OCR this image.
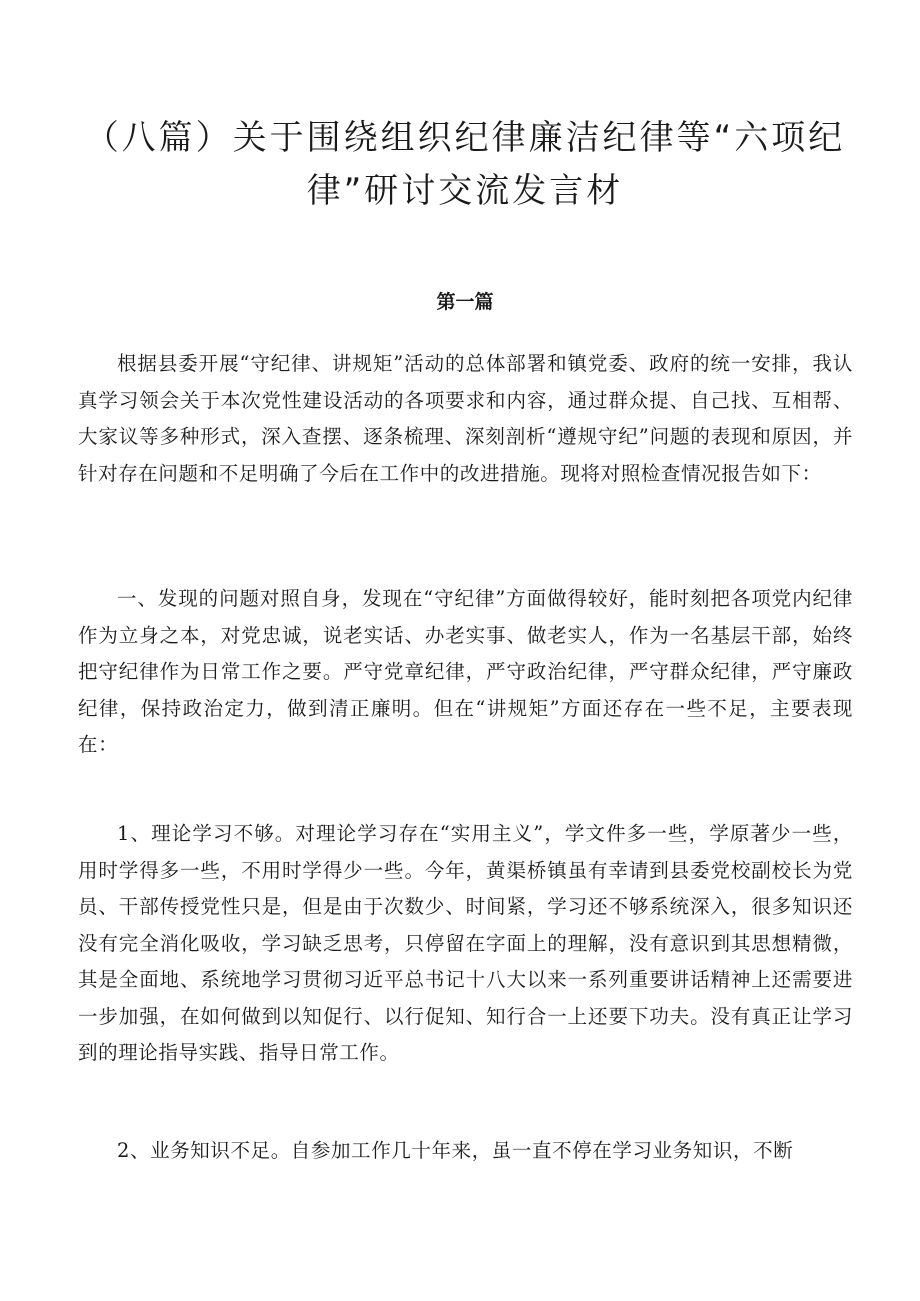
（八篇）关于围绕组织纪律廉洁纪律等“六项纪律”研讨交流发言材
第一篇

根据县委开展“守纪律、讲规矩”活动的总体部署和镇党委、政府的统一安排，我认真学习领会关于本次党性建设活动的各项要求和内容，通过群众提、自己找、互相帮、大家议等多种形式，深入查摆、逐条梳理、深刻剖析“遵规守纪”问题的表现和原因，并针对存在问题和不足明确了今后在工作中的改进措施。现将对照检查情况报告如下：

一、发现的问题对照自身，发现在“守纪律”方面做得较好，能时刻把各项党内纪律作为立身之本，对党忠诚，说老实话、办老实事、做老实人，作为一名基层干部，始终把守纪律作为日常工作之要。严守党章纪律，严守政治纪律，严守群众纪律，严守廉政纪律，保持政治定力，做到清正廉明。但在“讲规矩”方面还存在一些不足，主要表现在：

1、理论学习不够。对理论学习存在“实用主义”，学文件多一些，学原著少一些，用时学得多一些，不用时学得少一些。今年，黄渠桥镇虽有幸请到县委党校副校长为党员、干部传授党性只是，但是由于次数少、时间紧，学习还不够系统深入，很多知识还没有完全消化吸收，学习缺乏思考，只停留在字面上的理解，没有意识到其思想精微，其是全面地、系统地学习贯彻习近平总书记十八大以来一系列重要讲话精神上还需要进一步加强，在如何做到以知促行、以行促知、知行合一上还要下功夫。没有真正让学习到的理论指导实践、指导日常工作。

2、业务知识不足。自参加工作几十年来，虽一直不停在学习业务知识，不断
